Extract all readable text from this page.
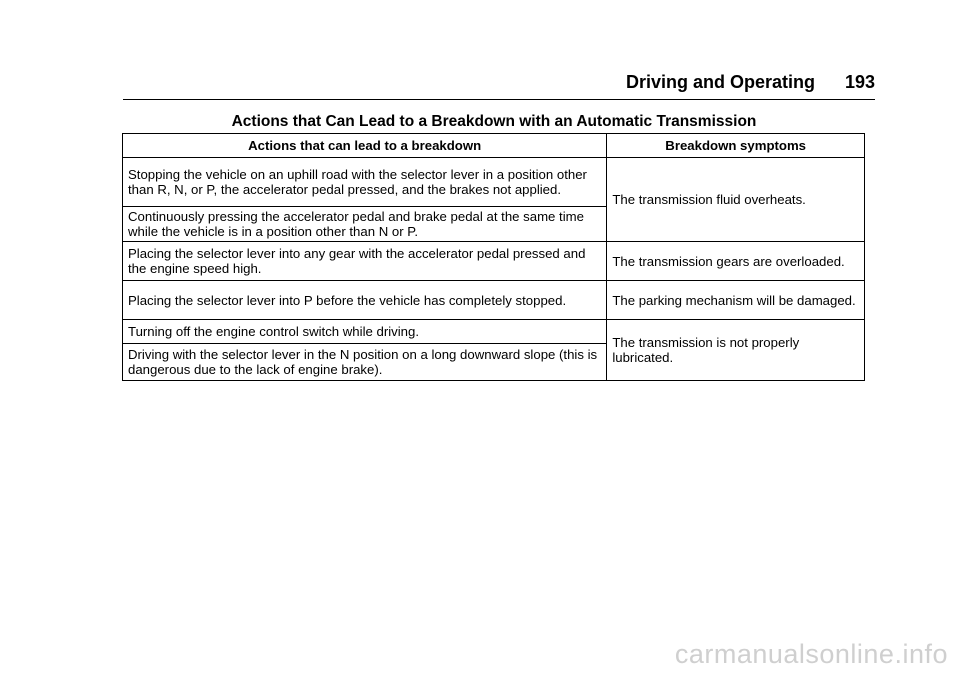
Driving and Operating 193
Actions that Can Lead to a Breakdown with an Automatic Transmission
Actions that can lead to a breakdown	Breakdown symptoms
Stopping the vehicle on an uphill road with the selector lever in a position other than R, N, or P, the accelerator pedal pressed, and the brakes not applied.	The transmission fluid overheats.
Continuously pressing the accelerator pedal and brake pedal at the same time while the vehicle is in a position other than N or P.	
Placing the selector lever into any gear with the accelerator pedal pressed and the engine speed high.	The transmission gears are overloaded.
Placing the selector lever into P before the vehicle has completely stopped.	The parking mechanism will be damaged.
Turning off the engine control switch while driving.	The transmission is not properly lubricated.
Driving with the selector lever in the N position on a long downward slope (this is dangerous due to the lack of engine brake).	
carmanualsonline.info
